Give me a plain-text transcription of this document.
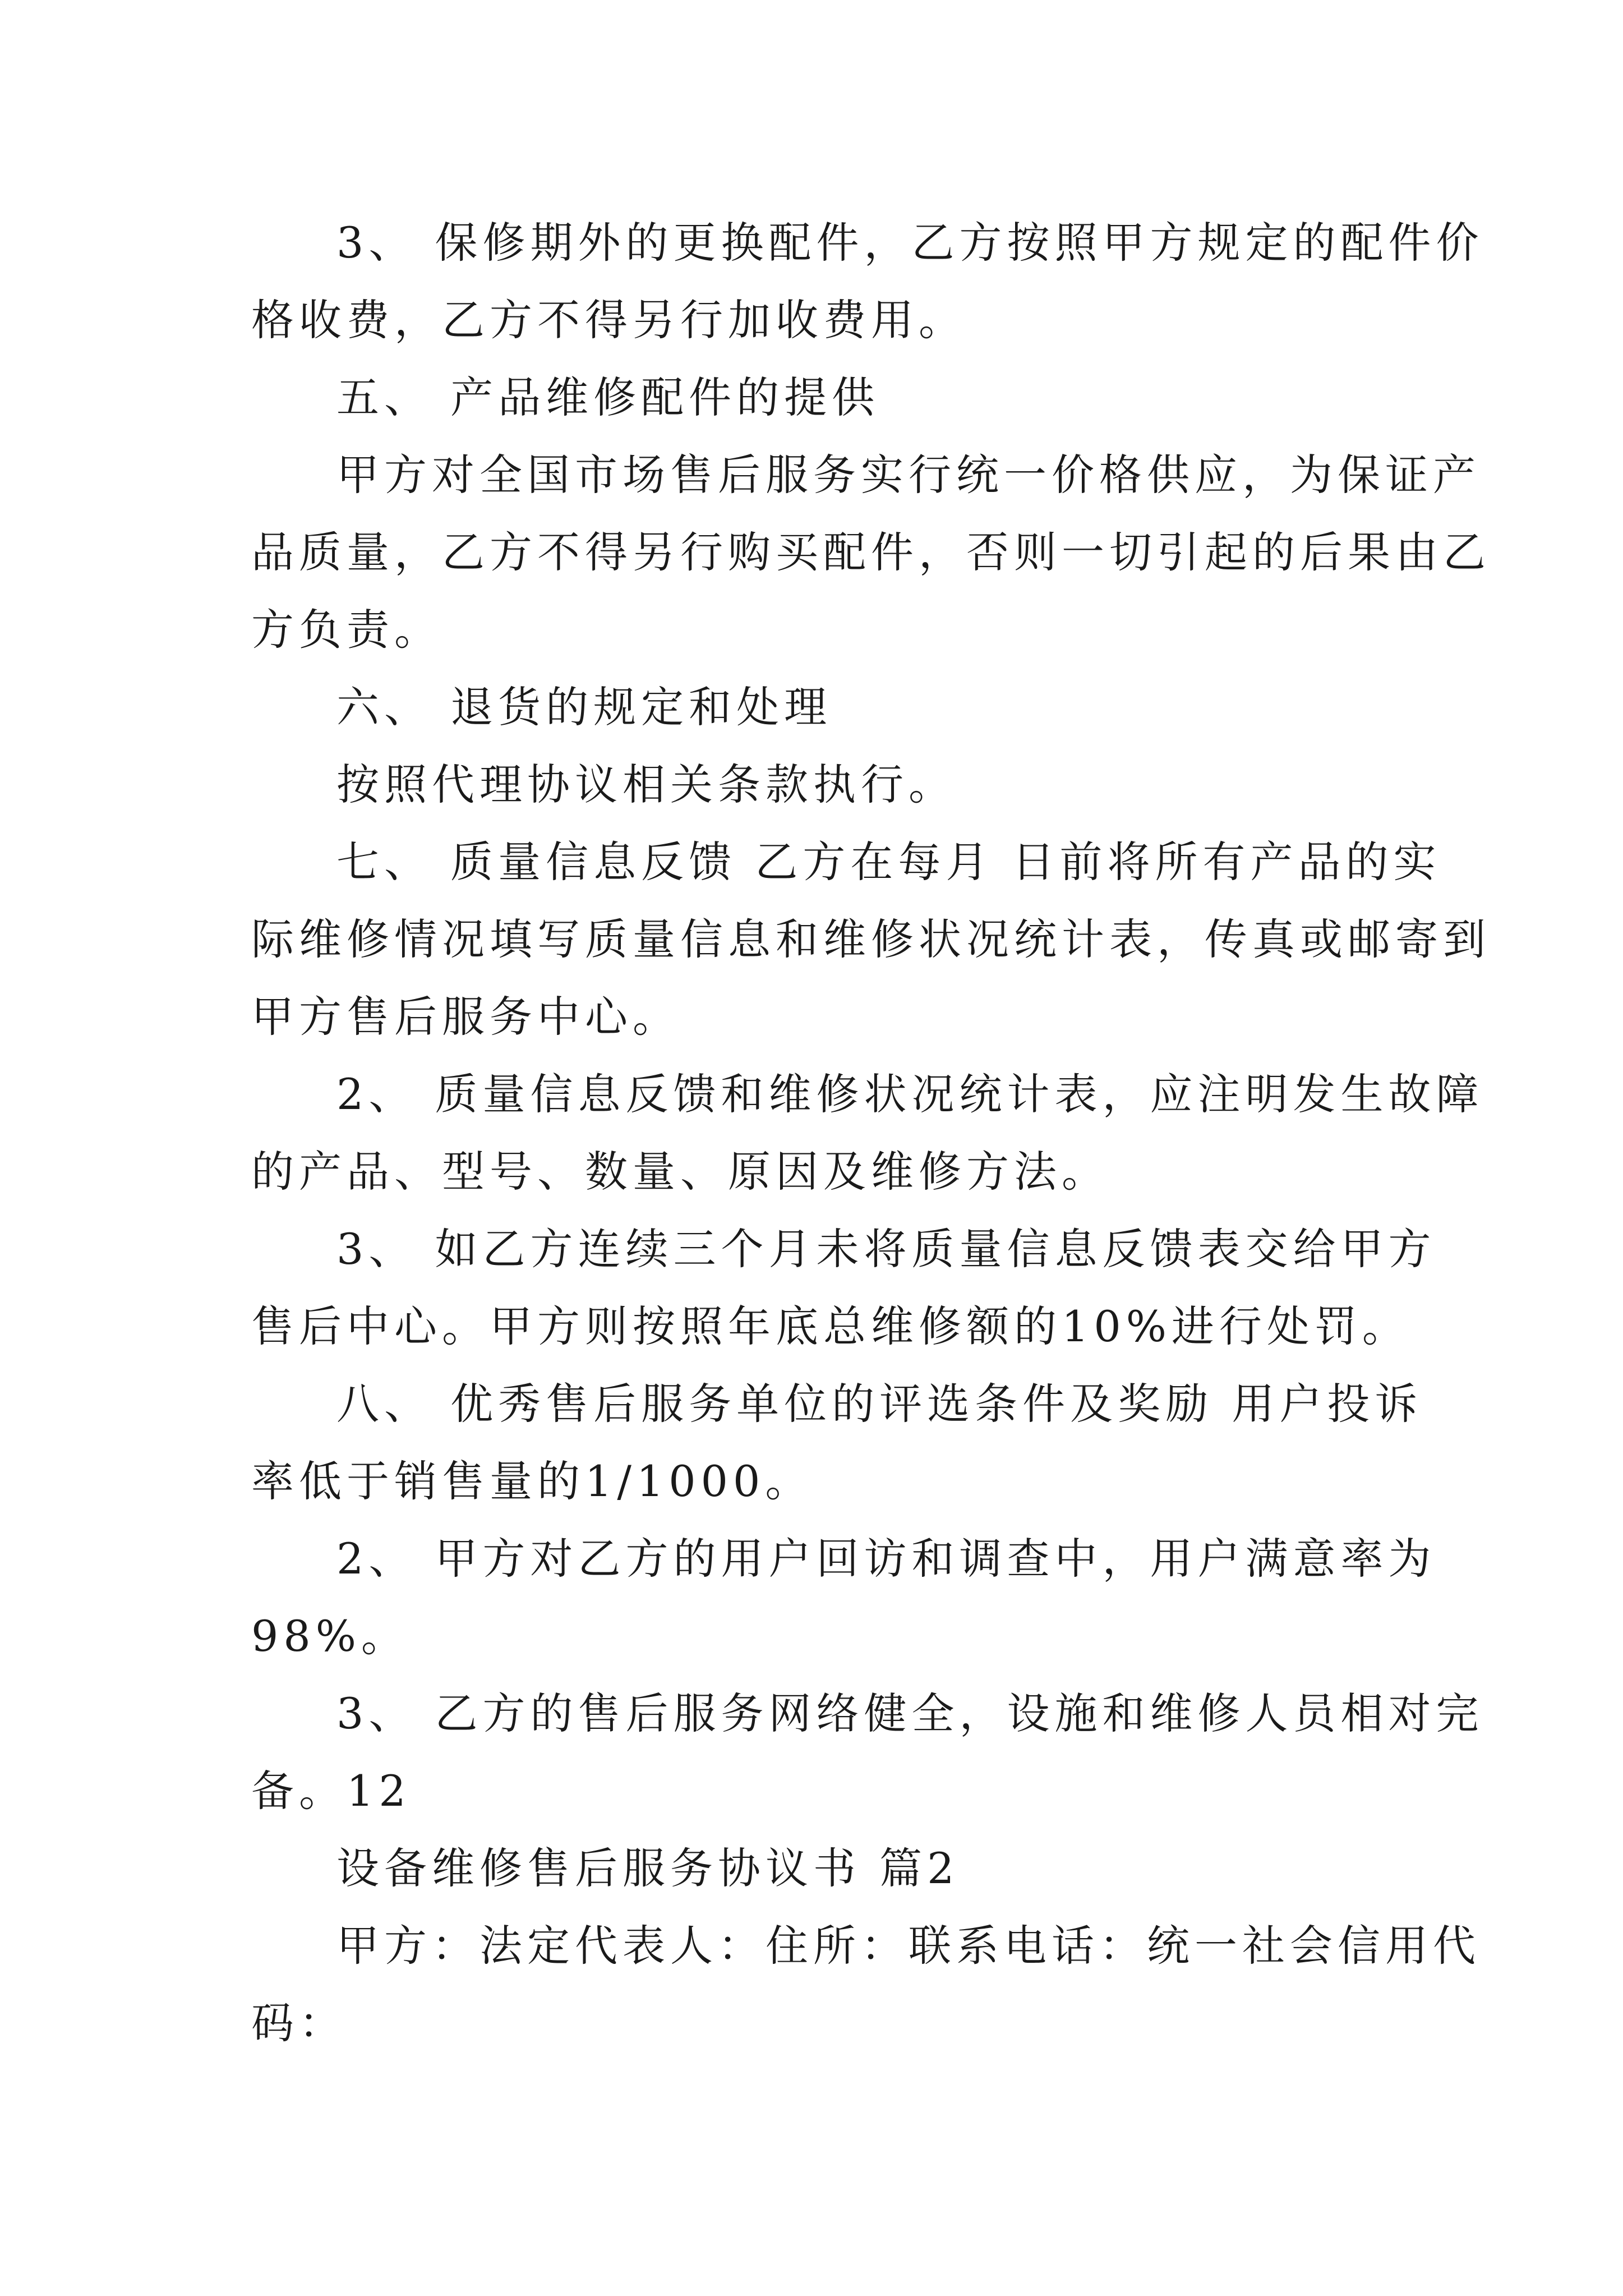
3、 保修期外的更换配件，乙方按照甲方规定的配件价
格收费，乙方不得另行加收费用。
五、 产品维修配件的提供
甲方对全国市场售后服务实行统一价格供应，为保证产
品质量，乙方不得另行购买配件，否则一切引起的后果由乙
方负责。
六、 退货的规定和处理
按照代理协议相关条款执行。
七、 质量信息反馈 乙方在每月 日前将所有产品的实
际维修情况填写质量信息和维修状况统计表，传真或邮寄到
甲方售后服务中心。
2、 质量信息反馈和维修状况统计表，应注明发生故障
的产品、型号、数量、原因及维修方法。
3、 如乙方连续三个月未将质量信息反馈表交给甲方
售后中心。甲方则按照年底总维修额的10%进行处罚。
八、 优秀售后服务单位的评选条件及奖励 用户投诉
率低于销售量的1/1000。
2、 甲方对乙方的用户回访和调查中，用户满意率为
98%。
3、 乙方的售后服务网络健全，设施和维修人员相对完
备。12
设备维修售后服务协议书 篇2
甲方：法定代表人：住所：联系电话：统一社会信用代
码：
